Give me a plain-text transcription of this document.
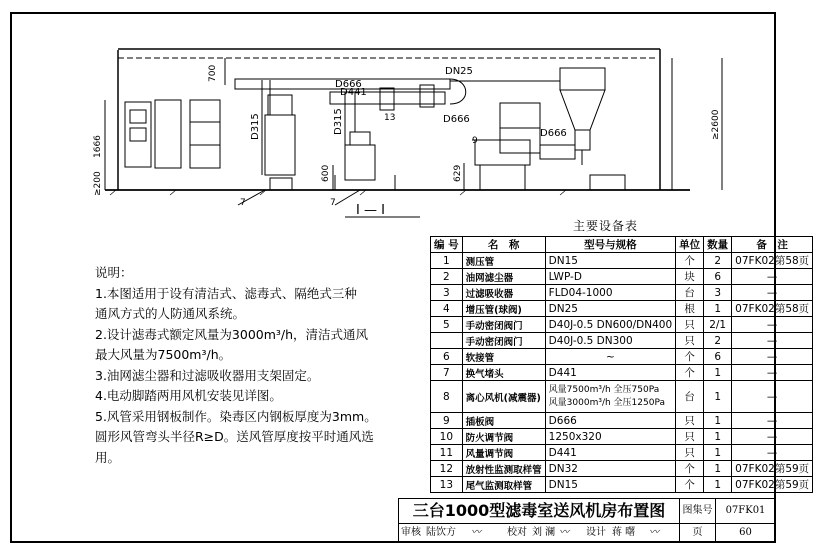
D666
DN25
D441
D315	D315	D666
D666
13
9
7	7
700
1666
≥200	600	629
≥2600
I — I
说明：
1.本图适用于设有清洁式、滤毒式、隔绝式三种
通风方式的人防通风系统。
2.设计滤毒式额定风量为3000m³/h，清洁式通风
最大风量为7500m³/h。
3.油网滤尘器和过滤吸收器用支架固定。
4.电动脚踏两用风机安装见详图。
5.风管采用钢板制作。染毒区内钢板厚度为3mm。
圆形风管弯头半径R≥D。送风管厚度按平时通风选
用。
主要设备表
编 号	名　称	型号与规格	单位	数量	备　注
1	测压管	DN15	个	2	07FK02第58页
2	油网滤尘器	LWP-D	块	6	—
3	过滤吸收器	FLD04-1000	台	3	—
4	增压管(球阀)	DN25	根	1	07FK02第58页
5	手动密闭阀门	D40J-0.5 DN600/DN400	只	2/1	—
	手动密闭阀门	D40J-0.5 DN300	只	2	—
6	软接管	~	个	6	—
7	换气堵头	D441	个	1	—
8	离心风机(减震器)	风量7500m³/h 全压750Pa
风量3000m³/h 全压1250Pa	台	1	—
9	插板阀	D666	只	1	—
10	防火调节阀	1250x320	只	1	—
11	风量调节阀	D441	只	1	—
12	放射性监测取样管	DN32	个	1	07FK02第59页
13	尾气监测取样管	DN15	个	1	07FK02第59页
三台1000型滤毒室送风机房布置图	图集号	07FK01
审核 陆饮方 〰	校对 刘 澜 〰 设计 蒋 曙 〰	页	60
